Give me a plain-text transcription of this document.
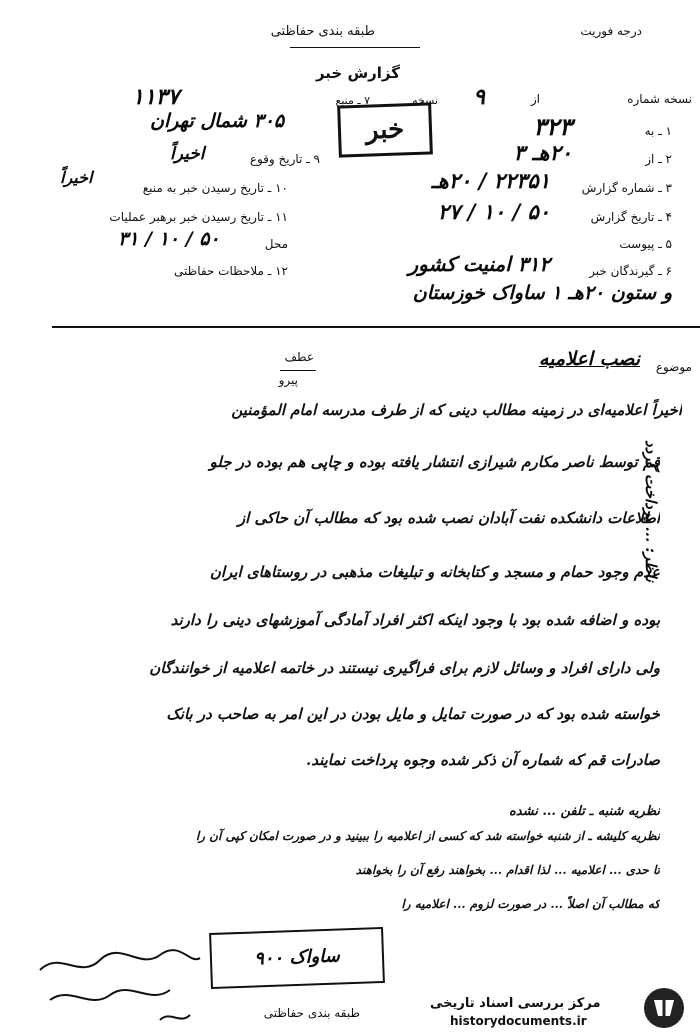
درجه فوریت
طبقه بندی حفاظتی
گزارش خبر
نسخه شماره
از
۹
۱ ـ به
۳۲۳
۲ ـ از
۲۰هـ ۳
۳ ـ شماره گزارش
۲۲۳۵۱ / ۲۰هـ
۴ ـ تاریخ گزارش
۵۰ / ۱۰ / ۲۷
۵ ـ پیوست
۶ ـ گیرندگان خبر
۳۱۲ امنیت کشور
و ستون ۲۰هـ ۱ ساواک خوزستان
نسخه
۷ ـ منبع
۱۱۳۷
خبر
۳۰۵ شمال تهران
۹ ـ تاریخ وقوع
اخیراً
۱۰ ـ تاریخ رسیدن خبر به منبع
اخیراً
۱۱ ـ تاریخ رسیدن خبر برهبر عملیات
محل
۵۰ / ۱۰ / ۳۱
۱۲ ـ ملاحظات حفاظتی
عطف
پیرو
موضوع
نصب اعلامیه
اخیراً اعلامیه‌ای در زمینه مطالب دینی که از طرف مدرسه امام المؤمنین
قم توسط ناصر مکارم شیرازی انتشار یافته بوده و چاپی هم بوده در جلو
اطلاعات دانشکده نفت آبادان نصب شده بود که مطالب آن حاکی از
عدم وجود حمام و مسجد و کتابخانه و تبلیغات مذهبی در روستاهای ایران
بوده و اضافه شده بود با وجود اینکه اکثر افراد آمادگی آموزشهای دینی را دارند
ولی دارای افراد و وسائل لازم برای فراگیری نیستند در خاتمه اعلامیه از خوانندگان
خواسته شده بود که در صورت تمایل و مایل بودن در این امر به صاحب در بانک
صادرات قم که شماره آن ذکر شده وجوه پرداخت نمایند.
نظریه شنبه ـ تلفن ... نشده
نظریه کلیشه ـ از شنبه خواسته شد که کسی از اعلامیه را ببینید و در صورت امکان کپی آن را
تا حدی ... اعلامیه ... لذا اقدام ... بخواهند رفع آن را بخواهند
که مطالب آن اصلاً ... در صورت لزوم ... اعلامیه را
ناظر: ... پرداخت گردد
ساواک ۹۰۰
طبقه بندی حفاظتی
مرکز بررسی اسناد تاریخی
historydocuments.ir
